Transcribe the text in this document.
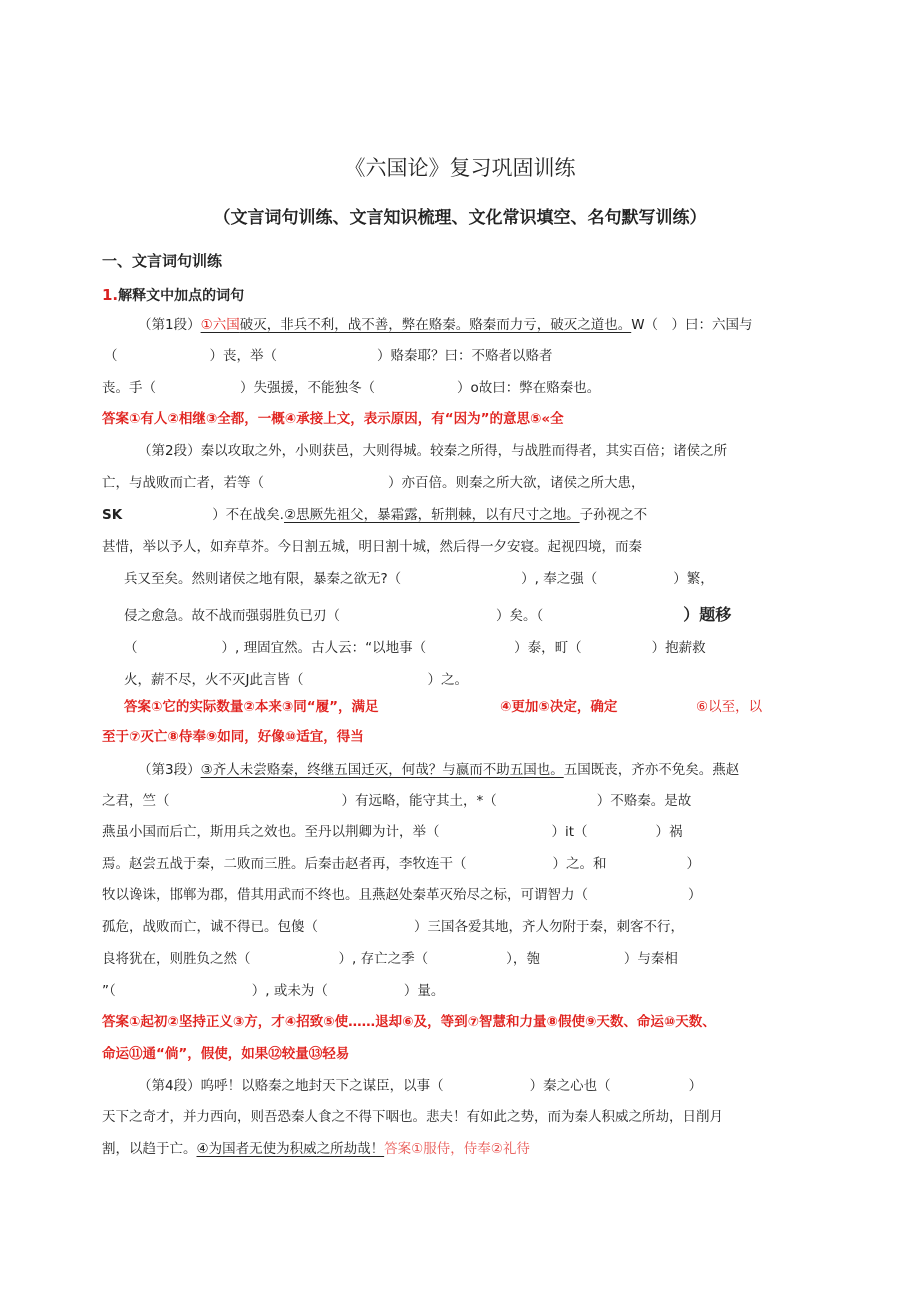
《六国论》复习巩固训练
（文言词句训练、文言知识梳理、文化常识填空、名句默写训练）
一、文言词句训练
1.解释文中加点的词句
（第1段）①六国破灭，非兵不利，战不善，弊在赂秦。赂秦而力亏，破灭之道也。W（　）曰：六国与
（	）丧，举（	）赂秦耶？曰：不赂者以赂者
丧。手（	）失强援，不能独冬（	）o故曰：弊在赂秦也。
答案①有人②相继③全都，一概④承接上文，表示原因，有“因为”的意思⑤«全
（第2段）秦以攻取之外，小则获邑，大则得城。较秦之所得，与战胜而得者，其实百倍；诸侯之所
亡，与战败而亡者，若等（	）亦百倍。则秦之所大欲，诸侯之所大患，
SK	）不在战矣.②思厥先祖父，暴霜露，斩荆棘，以有尺寸之地。子孙视之不
甚惜，举以予人，如弃草芥。今日割五城，明日割十城，然后得一夕安寝。起视四境，而秦
兵又至矣。然则诸侯之地有限，暴秦之欲无?（	）, 奉之强（	）繁，
侵之愈急。故不战而强弱胜负已刃（	）矣。（	）题移
（	）, 理固宜然。古人云：“以地事（	）泰，町（	）抱薪救
火，薪不尽，火不灭J此言皆（	）之。
答案①它的实际数量②本来③同“履”，满足	④更加⑤决定，确定	⑥以至，以
至于⑦灭亡⑧侍奉⑨如同，好像⑩适宜，得当
（第3段）③齐人未尝赂秦，终继五国迁灭，何哉？与嬴而不助五国也。五国既丧，齐亦不免矣。燕赵
之君，竺（	）有远略，能守其土，*（	）不赂秦。是故
燕虽小国而后亡，斯用兵之效也。至丹以荆卿为计，举（	）it（	）祸
焉。赵尝五战于秦，二败而三胜。后秦击赵者再，李牧连干（	）之。和	）
牧以谗诛，邯郸为郡，借其用武而不终也。且燕赵处秦革灭殆尽之标，可谓智力（	）
孤危，战败而亡，诚不得已。包傻（	）三国各爱其地，齐人勿附于秦，刺客不行，
良将犹在，则胜负之然（	）, 存亡之季（	），匏	）与秦相
”（	）, 或未为（	）量。
答案①起初②坚持正义③方，才④招致⑤使……退却⑥及，等到⑦智慧和力量⑧假使⑨天数、命运⑩天数、
命运⑪通“倘”，假使，如果⑫较量⑬轻易
（第4段）呜呼！以赂秦之地封天下之谋臣，以事（	）秦之心也（	）
天下之奇才，并力西向，则吾恐秦人食之不得下咽也。悲夫！有如此之势，而为秦人积威之所劫，日削月
割，以趋于亡。④为国者无使为积威之所劫哉！答案①服侍，侍奉②礼待
